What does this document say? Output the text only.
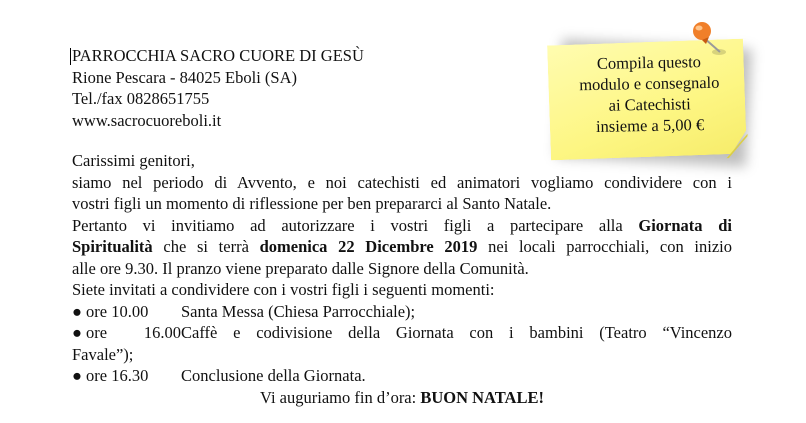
PARROCCHIA SACRO CUORE DI GESÙ
Rione Pescara - 84025 Eboli (SA)
Tel./fax 0828651755
www.sacrocuoreboli.it
Compila questo
modulo e consegnalo
ai Catechisti
insieme a 5,00 €

Carissimi genitori,

siamo nel periodo di Avvento, e noi catechisti ed animatori vogliamo condividere con i

vostri figli un momento di riflessione per ben prepararci al Santo Natale.

Pertanto vi invitiamo ad autorizzare i vostri figli a partecipare alla Giornata di

Spiritualità che si terrà domenica 22 Dicembre 2019 nei locali parrocchiali, con inizio

alle ore 9.30. Il pranzo viene preparato dalle Signore della Comunità.

Siete invitati a condividere con i vostri figli i seguenti momenti:

● ore 10.00 Santa Messa (Chiesa Parrocchiale);

● ore 16.00Caffè e codivisione della Giornata con i bambini (Teatro “Vincenzo

Favale”);

● ore 16.30 Conclusione della Giornata.

Vi auguriamo fin d’ora: BUON NATALE!
